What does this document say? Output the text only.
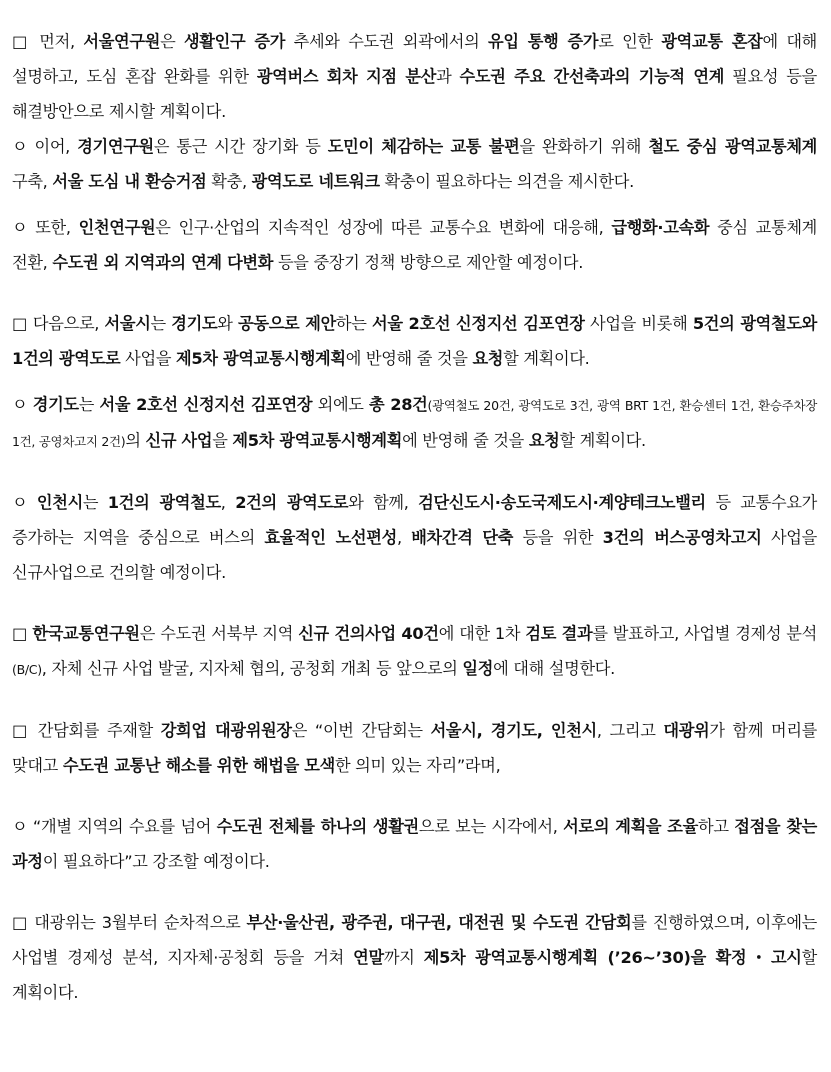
□ 먼저, 서울연구원은 생활인구 증가 추세와 수도권 외곽에서의 유입 통행 증가로 인한 광역교통 혼잡에 대해 설명하고, 도심 혼잡 완화를 위한 광역버스 회차 지점 분산과 수도권 주요 간선축과의 기능적 연계 필요성 등을 해결방안으로 제시할 계획이다.

ㅇ 이어, 경기연구원은 통근 시간 장기화 등 도민이 체감하는 교통 불편을 완화하기 위해 철도 중심 광역교통체계 구축, 서울 도심 내 환승거점 확충, 광역도로 네트워크 확충이 필요하다는 의견을 제시한다.

ㅇ 또한, 인천연구원은 인구·산업의 지속적인 성장에 따른 교통수요 변화에 대응해, 급행화·고속화 중심 교통체계 전환, 수도권 외 지역과의 연계 다변화 등을 중장기 정책 방향으로 제안할 예정이다.

□ 다음으로, 서울시는 경기도와 공동으로 제안하는 서울 2호선 신정지선 김포연장 사업을 비롯해 5건의 광역철도와 1건의 광역도로 사업을 제5차 광역교통시행계획에 반영해 줄 것을 요청할 계획이다.

ㅇ 경기도는 서울 2호선 신정지선 김포연장 외에도 총 28건(광역철도 20건, 광역도로 3건, 광역 BRT 1건, 환승센터 1건, 환승주차장 1건, 공영차고지 2건)의 신규 사업을 제5차 광역교통시행계획에 반영해 줄 것을 요청할 계획이다.

ㅇ 인천시는 1건의 광역철도, 2건의 광역도로와 함께, 검단신도시·송도국제도시·계양테크노밸리 등 교통수요가 증가하는 지역을 중심으로 버스의 효율적인 노선편성, 배차간격 단축 등을 위한 3건의 버스공영차고지 사업을 신규사업으로 건의할 예정이다.

□ 한국교통연구원은 수도권 서북부 지역 신규 건의사업 40건에 대한 1차 검토 결과를 발표하고, 사업별 경제성 분석(B/C), 자체 신규 사업 발굴, 지자체 협의, 공청회 개최 등 앞으로의 일정에 대해 설명한다.

□ 간담회를 주재할 강희업 대광위원장은 “이번 간담회는 서울시, 경기도, 인천시, 그리고 대광위가 함께 머리를 맞대고 수도권 교통난 해소를 위한 해법을 모색한 의미 있는 자리”라며,

ㅇ “개별 지역의 수요를 넘어 수도권 전체를 하나의 생활권으로 보는 시각에서, 서로의 계획을 조율하고 접점을 찾는 과정이 필요하다”고 강조할 예정이다.

□ 대광위는 3월부터 순차적으로 부산·울산권, 광주권, 대구권, 대전권 및 수도권 간담회를 진행하였으며, 이후에는 사업별 경제성 분석, 지자체·공청회 등을 거쳐 연말까지 제5차 광역교통시행계획 (’26~’30)을 확정・고시할 계획이다.
